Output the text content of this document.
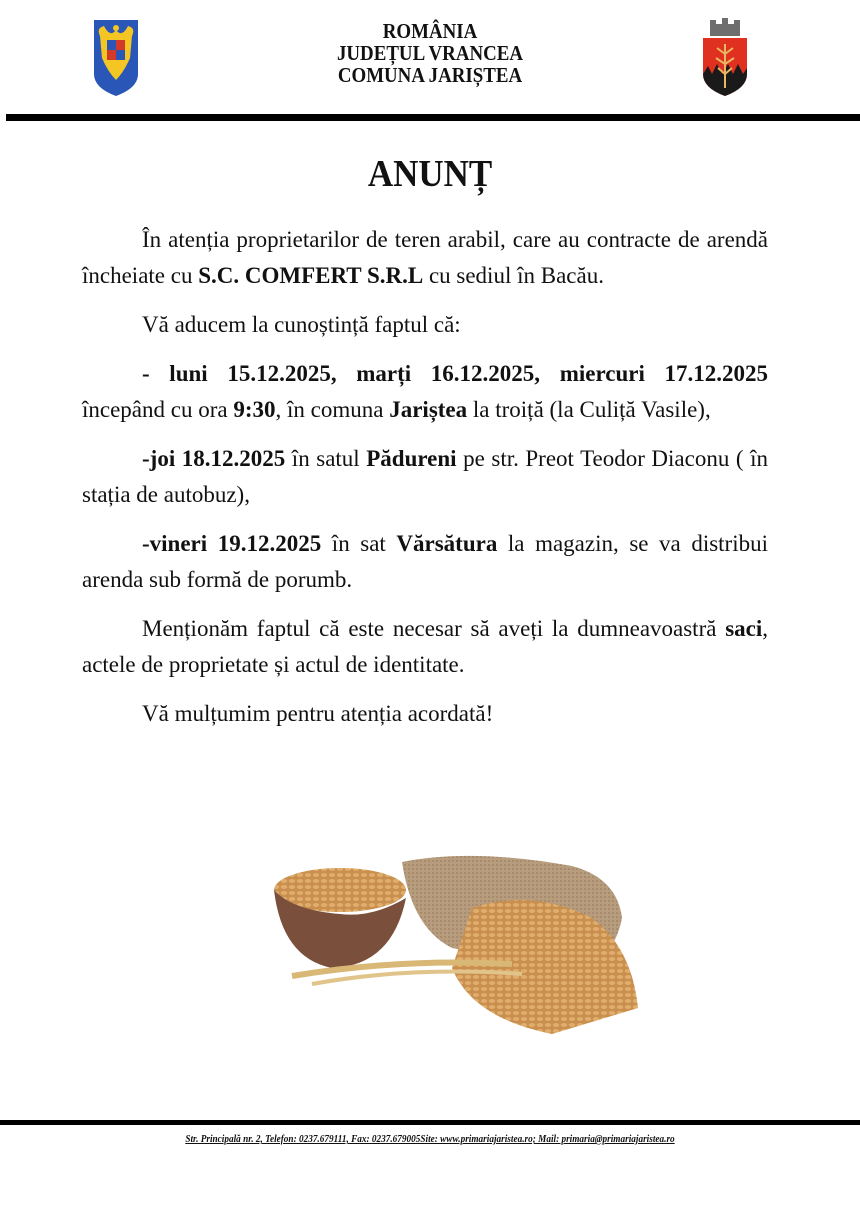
ROMÂNIA
JUDEȚUL VRANCEA
COMUNA JARIȘTEA
ANUNȚ

În atenția proprietarilor de teren arabil, care au contracte de arendă încheiate cu S.C. COMFERT S.R.L cu sediul în Bacău.

Vă aducem la cunoștință faptul că:

- luni 15.12.2025, marți 16.12.2025, miercuri 17.12.2025 începând cu ora 9:30, în comuna Jariștea la troiță (la Culiță Vasile),

-joi 18.12.2025 în satul Pădureni pe str. Preot Teodor Diaconu ( în stația de autobuz),

-vineri 19.12.2025 în sat Vărsătura la magazin, se va distribui arenda sub formă de porumb.

Menționăm faptul că este necesar să aveți la dumneavoastră saci, actele de proprietate și actul de identitate.

Vă mulțumim pentru atenția acordată!

Str. Principală nr. 2, Telefon: 0237.679111, Fax: 0237.679005Site: www.primariajaristea.ro; Mail: primaria@primariajaristea.ro
